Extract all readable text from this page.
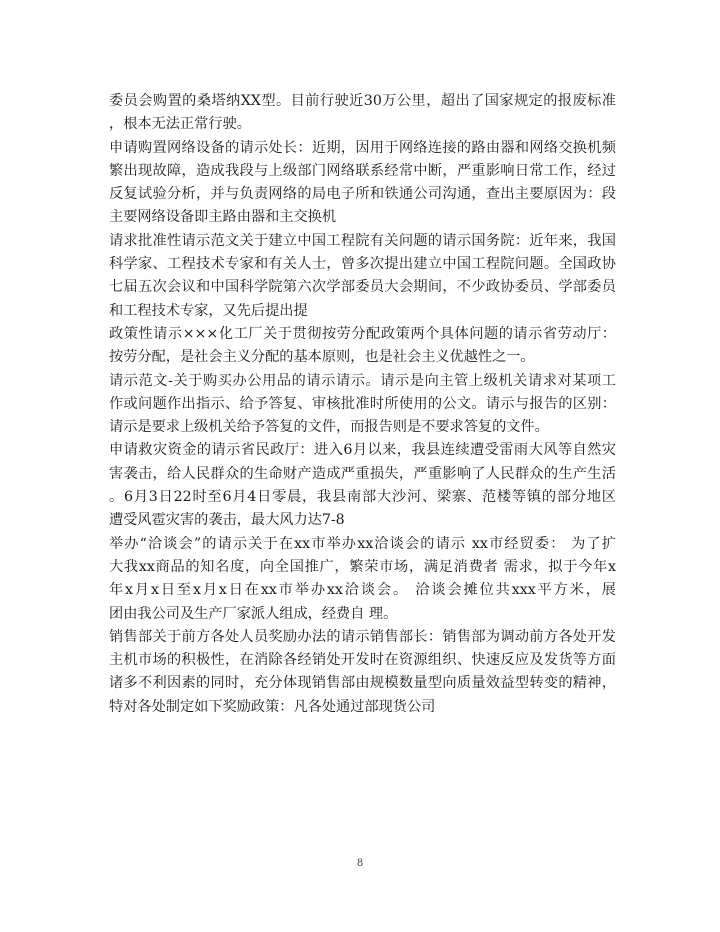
委员会购置的桑塔纳XX型。目前行驶近30万公里，超出了国家规定的报废标准
，根本无法正常行驶。
申请购置网络设备的请示处长：近期，因用于网络连接的路由器和网络交换机频
繁出现故障，造成我段与上级部门网络联系经常中断，严重影响日常工作，经过
反复试验分析，并与负责网络的局电子所和铁通公司沟通，查出主要原因为：段
主要网络设备即主路由器和主交换机
请求批准性请示范文关于建立中国工程院有关问题的请示国务院：近年来，我国
科学家、工程技术专家和有关人士，曾多次提出建立中国工程院问题。全国政协
七届五次会议和中国科学院第六次学部委员大会期间，不少政协委员、学部委员
和工程技术专家，又先后提出提
政策性请示×××化工厂关于贯彻按劳分配政策两个具体问题的请示省劳动厅：
按劳分配，是社会主义分配的基本原则，也是社会主义优越性之一。
请示范文-关于购买办公用品的请示请示。请示是向主管上级机关请求对某项工
作或问题作出指示、给予答复、审核批准时所使用的公文。请示与报告的区别：
请示是要求上级机关给予答复的文件，而报告则是不要求答复的文件。
申请救灾资金的请示省民政厅：进入6月以来，我县连续遭受雷雨大风等自然灾
害袭击，给人民群众的生命财产造成严重损失，严重影响了人民群众的生产生活
。6月3日22时至6月4日零晨，我县南部大沙河、梁寨、范楼等镇的部分地区
遭受风雹灾害的袭击，最大风力达7-8
举办“洽谈会”的请示关于在xx市举办xx洽谈会的请示 xx市经贸委： 为了扩
大我xx商品的知名度，向全国推广，繁荣市场，满足消费者 需求，拟于今年x
年x月x日至x月x日在xx市举办xx洽谈会。 洽谈会摊位共xxx平方米，展
团由我公司及生产厂家派人组成，经费自 理。
销售部关于前方各处人员奖励办法的请示销售部长：销售部为调动前方各处开发
主机市场的积极性，在消除各经销处开发时在资源组织、快速反应及发货等方面
诸多不利因素的同时，充分体现销售部由规模数量型向质量效益型转变的精神，
特对各处制定如下奖励政策：凡各处通过部现货公司
8
